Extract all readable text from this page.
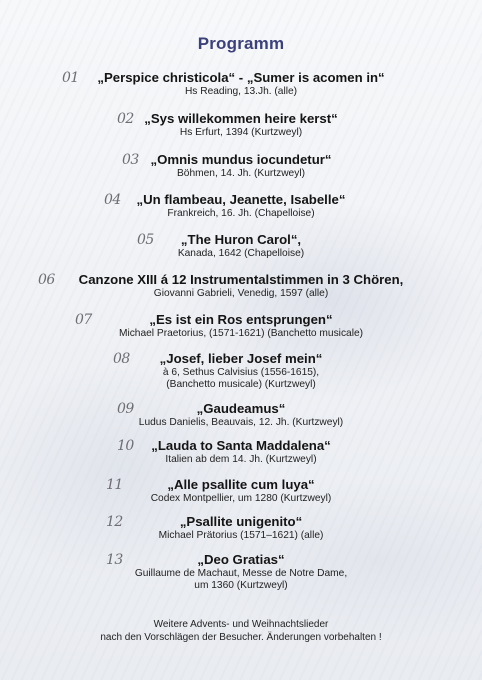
Programm
01	„Perspice christicola“ - „Sumer is acomen in“
Hs Reading, 13.Jh. (alle)
02 „Sys willekommen heire kerst“
Hs Erfurt, 1394 (Kurtzweyl)
03 „Omnis mundus iocundetur“
Böhmen, 14. Jh. (Kurtzweyl)
04	„Un flambeau, Jeanette, Isabelle“
Frankreich, 16. Jh. (Chapelloise)
05	„The Huron Carol“,
Kanada, 1642 (Chapelloise)
06	Canzone XIII á 12 Instrumentalstimmen in 3 Chören,
Giovanni Gabrieli, Venedig, 1597 (alle)
07	„Es ist ein Ros entsprungen“
Michael Praetorius, (1571-1621) (Banchetto musicale)
08	„Josef, lieber Josef mein“
à 6, Sethus Calvisius (1556-1615),
(Banchetto musicale) (Kurtzweyl)
09	„Gaudeamus“
Ludus Danielis, Beauvais, 12. Jh. (Kurtzweyl)
10	„Lauda to Santa Maddalena“
Italien ab dem 14. Jh. (Kurtzweyl)
11	„Alle psallite cum luya“
Codex Montpellier, um 1280 (Kurtzweyl)
12	„Psallite unigenito“
Michael Prätorius (1571–1621) (alle)
13	„Deo Gratias“
Guillaume de Machaut, Messe de Notre Dame,
um 1360 (Kurtzweyl)
Weitere Advents- und Weihnachtslieder
nach den Vorschlägen der Besucher. Änderungen vorbehalten !
